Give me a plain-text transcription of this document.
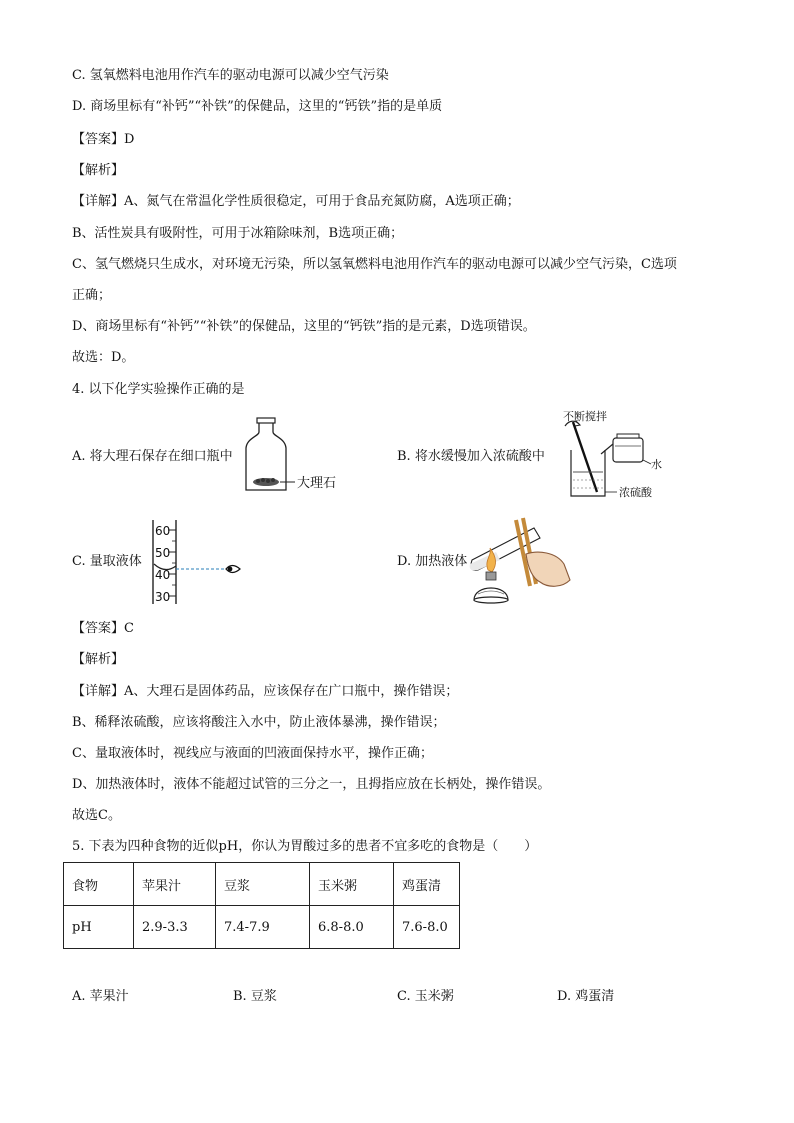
C. 氢氧燃料电池用作汽车的驱动电源可以减少空气污染
D. 商场里标有“补钙”“补铁”的保健品，这里的“钙铁”指的是单质
【答案】D
【解析】
【详解】A、氮气在常温化学性质很稳定，可用于食品充氮防腐，A选项正确；
B、活性炭具有吸附性，可用于冰箱除味剂，B选项正确；
C、氢气燃烧只生成水，对环境无污染，所以氢氧燃料电池用作汽车的驱动电源可以减少空气污染，C选项
正确；
D、商场里标有“补钙”“补铁”的保健品，这里的“钙铁”指的是元素，D选项错误。
故选：D。
4. 以下化学实验操作正确的是
A. 将大理石保存在细口瓶中
大理石
B. 将水缓慢加入浓硫酸中
不断搅拌
水
浓硫酸
C. 量取液体
60
50
40
30
D. 加热液体
【答案】C
【解析】
【详解】A、大理石是固体药品，应该保存在广口瓶中，操作错误；
B、稀释浓硫酸，应该将酸注入水中，防止液体暴沸，操作错误；
C、量取液体时，视线应与液面的凹液面保持水平，操作正确；
D、加热液体时，液体不能超过试管的三分之一，且拇指应放在长柄处，操作错误。
故选C。
5. 下表为四种食物的近似pH，你认为胃酸过多的患者不宜多吃的食物是（　　）
食物	苹果汁	豆浆	玉米粥	鸡蛋清
pH	2.9-3.3	7.4-7.9	6.8-8.0	7.6-8.0
A. 苹果汁	B. 豆浆	C. 玉米粥	D. 鸡蛋清
